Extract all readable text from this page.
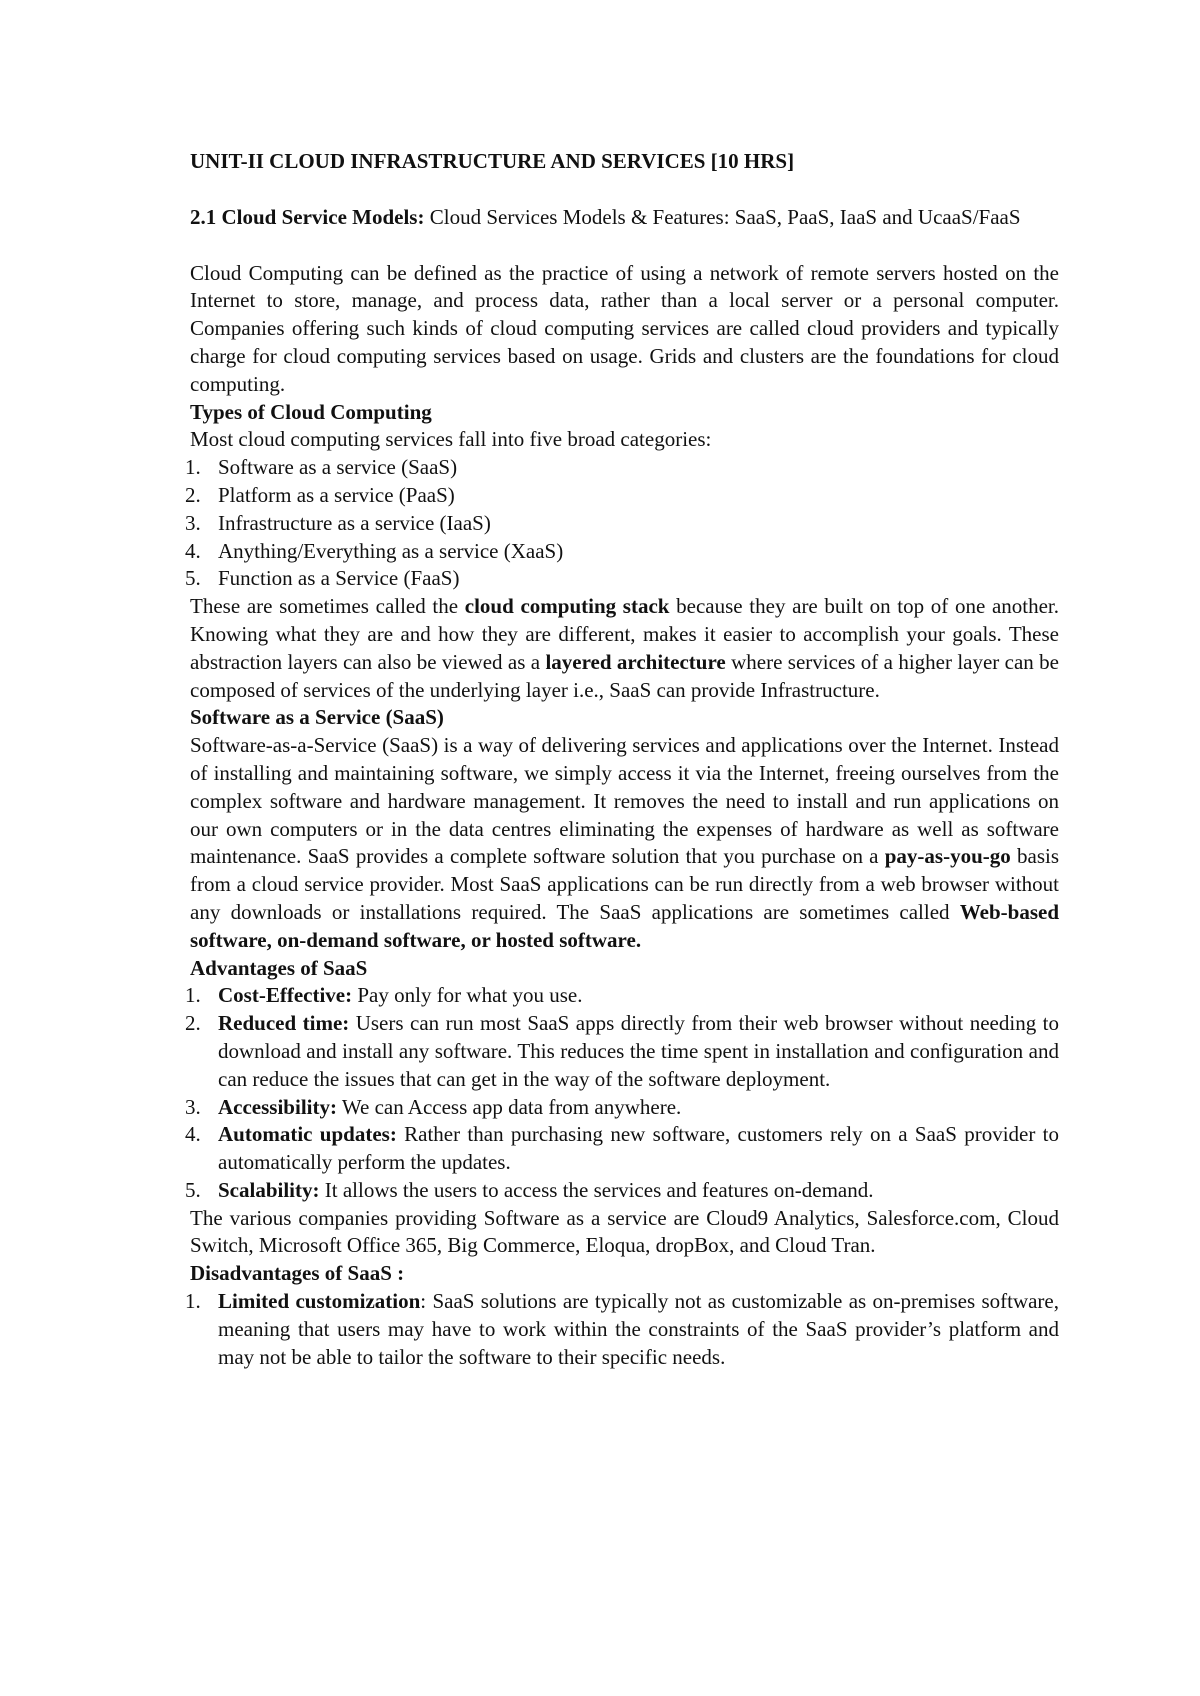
UNIT-II CLOUD INFRASTRUCTURE AND SERVICES [10 HRS]

2.1 Cloud Service Models: Cloud Services Models & Features: SaaS, PaaS, IaaS and UcaaS/FaaS

Cloud Computing can be defined as the practice of using a network of remote servers hosted on the Internet to store, manage, and process data, rather than a local server or a personal computer. Companies offering such kinds of cloud computing services are called cloud providers and typically charge for cloud computing services based on usage. Grids and clusters are the foundations for cloud computing.

Types of Cloud Computing

Most cloud computing services fall into five broad categories:

1. Software as a service (SaaS)
2. Platform as a service (PaaS)
3. Infrastructure as a service (IaaS)
4. Anything/Everything as a service (XaaS)
5. Function as a Service (FaaS)

These are sometimes called the cloud computing stack because they are built on top of one another. Knowing what they are and how they are different, makes it easier to accomplish your goals. These abstraction layers can also be viewed as a layered architecture where services of a higher layer can be composed of services of the underlying layer i.e., SaaS can provide Infrastructure.

Software as a Service (SaaS)

Software-as-a-Service (SaaS) is a way of delivering services and applications over the Internet. Instead of installing and maintaining software, we simply access it via the Internet, freeing ourselves from the complex software and hardware management. It removes the need to install and run applications on our own computers or in the data centres eliminating the expenses of hardware as well as software maintenance. SaaS provides a complete software solution that you purchase on a pay-as-you-go basis from a cloud service provider. Most SaaS applications can be run directly from a web browser without any downloads or installations required. The SaaS applications are sometimes called Web-based software, on-demand software, or hosted software.

Advantages of SaaS

1. Cost-Effective: Pay only for what you use.
2. Reduced time: Users can run most SaaS apps directly from their web browser without needing to download and install any software. This reduces the time spent in installation and configuration and can reduce the issues that can get in the way of the software deployment.
3. Accessibility: We can Access app data from anywhere.
4. Automatic updates: Rather than purchasing new software, customers rely on a SaaS provider to automatically perform the updates.
5. Scalability: It allows the users to access the services and features on-demand.

The various companies providing Software as a service are Cloud9 Analytics, Salesforce.com, Cloud Switch, Microsoft Office 365, Big Commerce, Eloqua, dropBox, and Cloud Tran.

Disadvantages of SaaS :

1. Limited customization: SaaS solutions are typically not as customizable as on-premises software, meaning that users may have to work within the constraints of the SaaS provider’s platform and may not be able to tailor the software to their specific needs.
